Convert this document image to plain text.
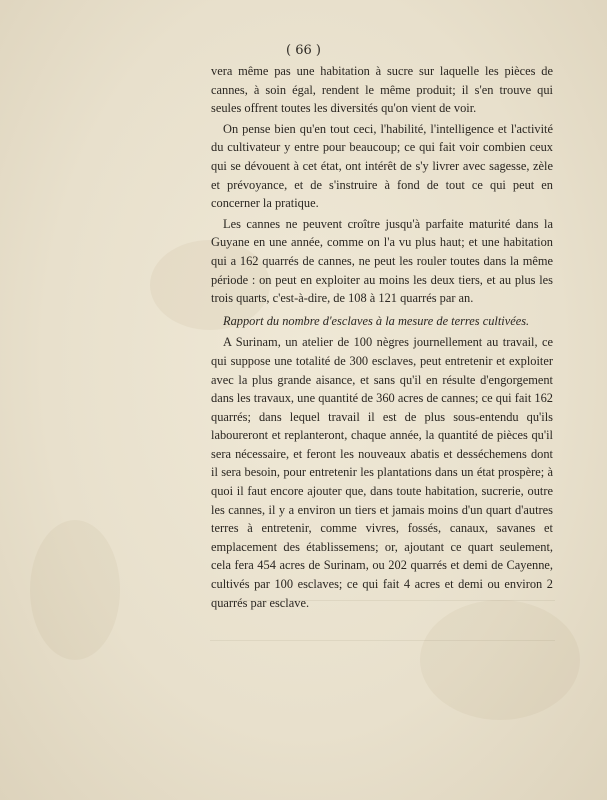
( 66 )

vera même pas une habitation à sucre sur laquelle les pièces de cannes, à soin égal, rendent le même produit; il s'en trouve qui seules offrent toutes les diversités qu'on vient de voir.

On pense bien qu'en tout ceci, l'habilité, l'intelligence et l'activité du cultivateur y entre pour beaucoup; ce qui fait voir combien ceux qui se dévouent à cet état, ont intérêt de s'y livrer avec sagesse, zèle et prévoyance, et de s'instruire à fond de tout ce qui peut en concerner la pratique.

Les cannes ne peuvent croître jusqu'à parfaite maturité dans la Guyane en une année, comme on l'a vu plus haut; et une habitation qui a 162 quarrés de cannes, ne peut les rouler toutes dans la même période : on peut en exploiter au moins les deux tiers, et au plus les trois quarts, c'est-à-dire, de 108 à 121 quarrés par an.

Rapport du nombre d'esclaves à la mesure de terres cultivées.

A Surinam, un atelier de 100 nègres journellement au travail, ce qui suppose une totalité de 300 esclaves, peut entretenir et exploiter avec la plus grande aisance, et sans qu'il en résulte d'engorgement dans les travaux, une quantité de 360 acres de cannes; ce qui fait 162 quarrés; dans lequel travail il est de plus sous-entendu qu'ils laboureront et replanteront, chaque année, la quantité de pièces qu'il sera nécessaire, et feront les nouveaux abatis et desséchemens dont il sera besoin, pour entretenir les plantations dans un état prospère; à quoi il faut encore ajouter que, dans toute habitation, sucrerie, outre les cannes, il y a environ un tiers et jamais moins d'un quart d'autres terres à entretenir, comme vivres, fossés, canaux, savanes et emplacement des établissemens; or, ajoutant ce quart seulement, cela fera 454 acres de Surinam, ou 202 quarrés et demi de Cayenne, cultivés par 100 esclaves; ce qui fait 4 acres et demi ou environ 2 quarrés par esclave.
